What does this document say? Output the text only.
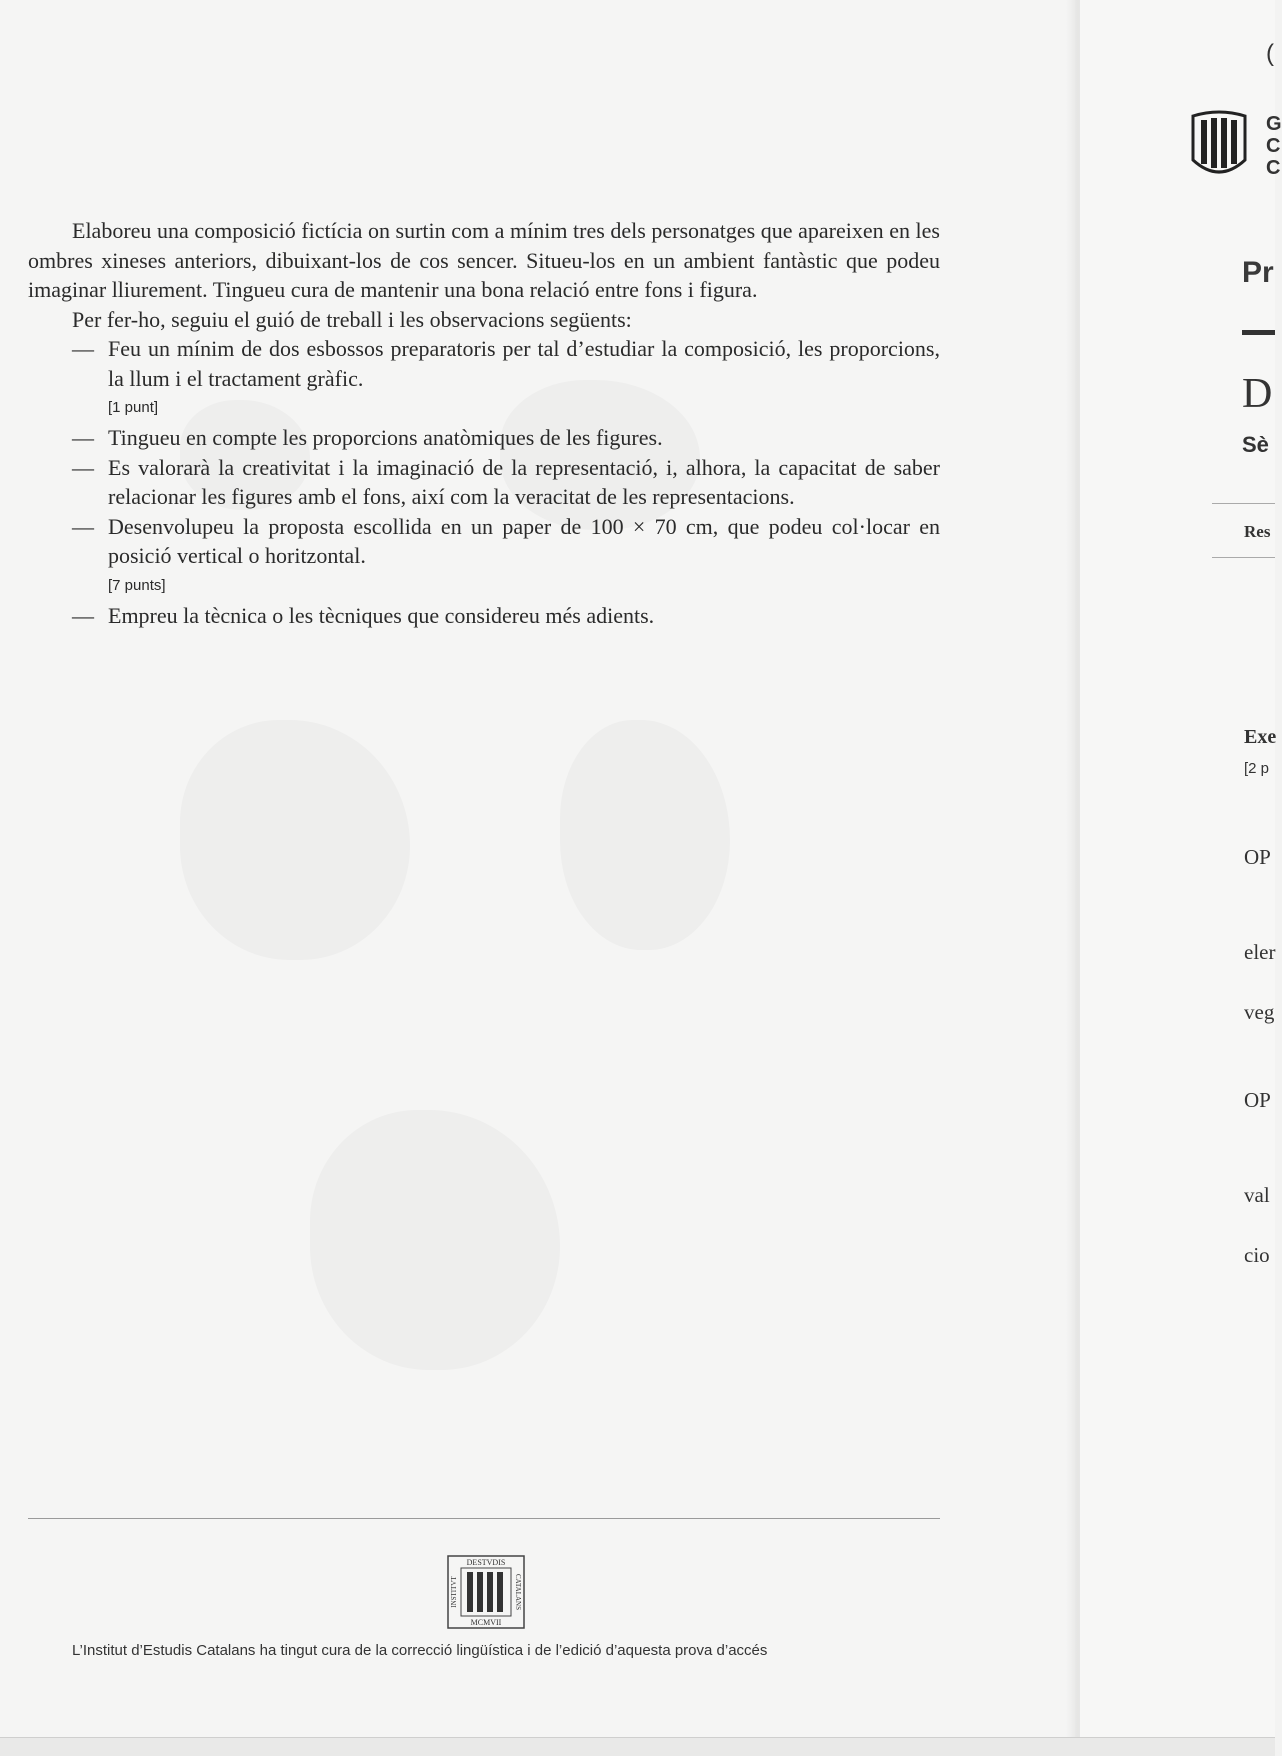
Elaboreu una composició fictícia on surtin com a mínim tres dels personatges que apareixen en les ombres xineses anteriors, dibuixant-los de cos sencer. Situeu-los en un ambient fantàstic que podeu imaginar lliurement. Tingueu cura de mantenir una bona relació entre fons i figura.

Per fer-ho, seguiu el guió de treball i les observacions següents:

— Feu un mínim de dos esbossos preparatoris per tal d’estudiar la composició, les proporcions, la llum i el tractament gràfic.
[1 punt]
— Tingueu en compte les proporcions anatòmiques de les figures.
— Es valorarà la creativitat i la imaginació de la representació, i, alhora, la capacitat de saber relacionar les figures amb el fons, així com la veracitat de les representacions.
— Desenvolupeu la proposta escollida en un paper de 100 × 70 cm, que podeu col·locar en posició vertical o horitzontal.
[7 punts]
— Empreu la tècnica o les tècniques que considereu més adients.
DESTVDIS
MCMVII
INSTITVT	CATALANS
L’Institut d’Estudis Catalans ha tingut cura de la correcció lingüística i de l’edició d’aquesta prova d’accés
(
G
C
C
Pr
D
Sè
Res
Exe
[2 p
OP
eler
veg
OP
val
cio
